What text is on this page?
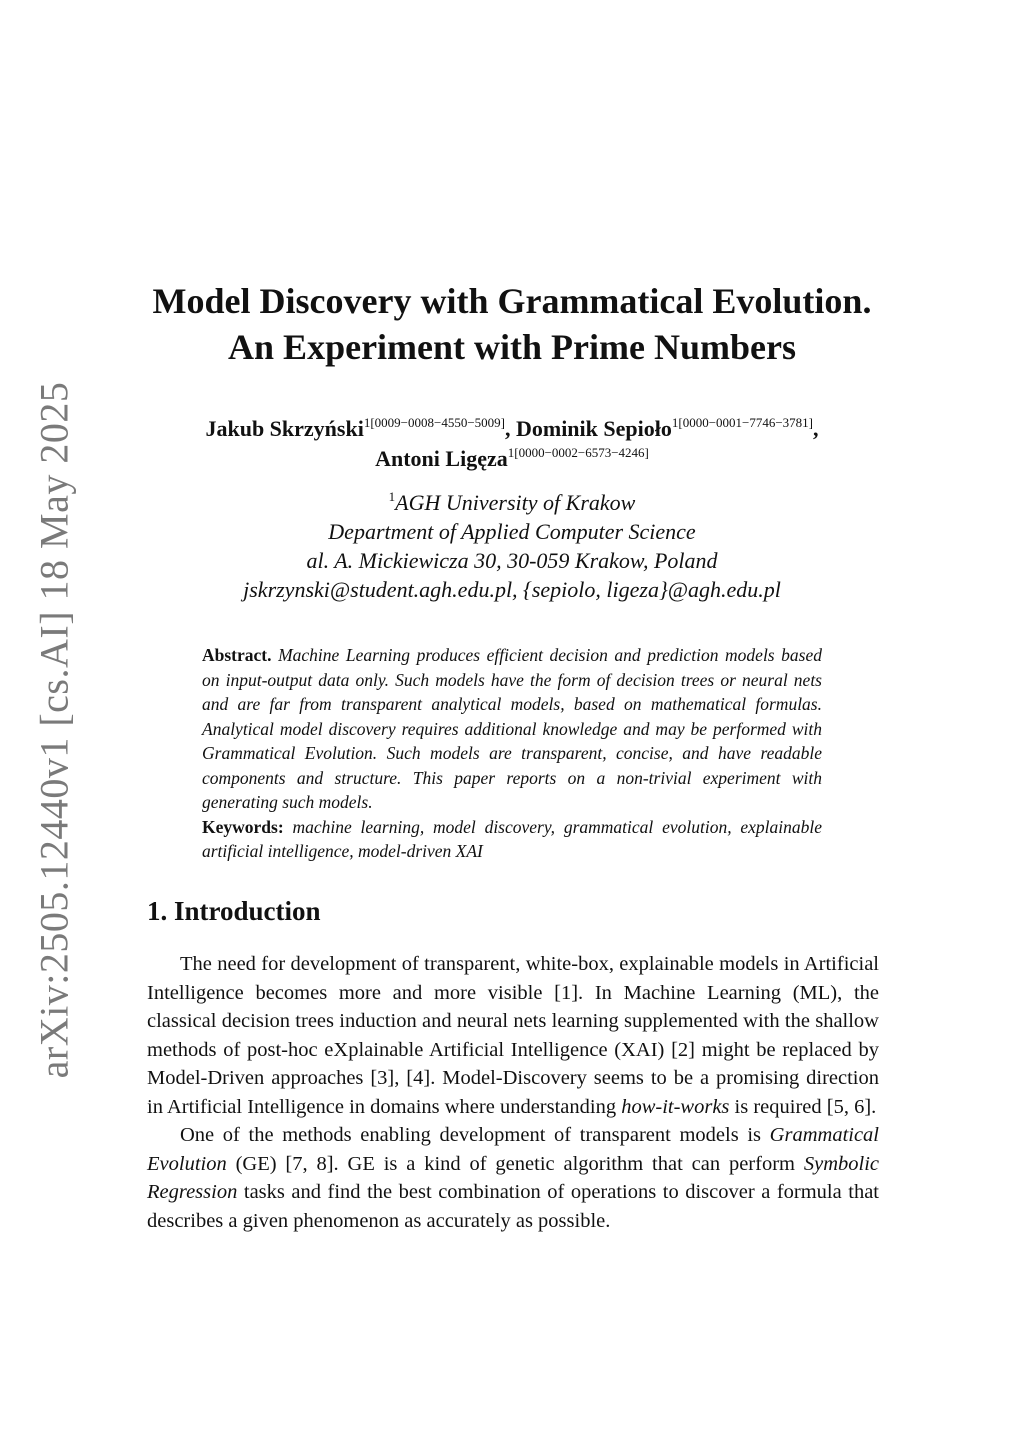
arXiv:2505.12440v1 [cs.AI] 18 May 2025
Model Discovery with Grammatical Evolution.
An Experiment with Prime Numbers
Jakub Skrzyński$^{1[0009-0008-4550-5009]}$, Dominik Sepioło$^{1[0000-0001-7746-3781]}$,
Antoni Ligęza$^{1[0000-0002-6573-4246]}$
$^1$AGH University of Krakow
Department of Applied Computer Science
al. A. Mickiewicza 30, 30-059 Krakow, Poland
jskrzynski@student.agh.edu.pl, {sepiolo, ligeza}@agh.edu.pl
Abstract. Machine Learning produces efficient decision and prediction models based on input-output data only. Such models have the form of decision trees or neural nets and are far from transparent analytical models, based on mathematical formulas. Analytical model discovery requires additional knowledge and may be performed with Grammatical Evolution. Such models are transparent, concise, and have readable components and structure. This paper reports on a non-trivial experiment with generating such models.
Keywords: machine learning, model discovery, grammatical evolution, explainable artificial intelligence, model-driven XAI
1. Introduction

The need for development of transparent, white-box, explainable models in Artificial Intelligence becomes more and more visible [1]. In Machine Learning (ML), the classical decision trees induction and neural nets learning supplemented with the shallow methods of post-hoc eXplainable Artificial Intelligence (XAI) [2] might be replaced by Model-Driven approaches [3], [4]. Model-Discovery seems to be a promising direction in Artificial Intelligence in domains where understanding how-it-works is required [5, 6].

One of the methods enabling development of transparent models is Grammatical Evolution (GE) [7, 8]. GE is a kind of genetic algorithm that can perform Symbolic Regression tasks and find the best combination of operations to discover a formula that describes a given phenomenon as accurately as possible.
